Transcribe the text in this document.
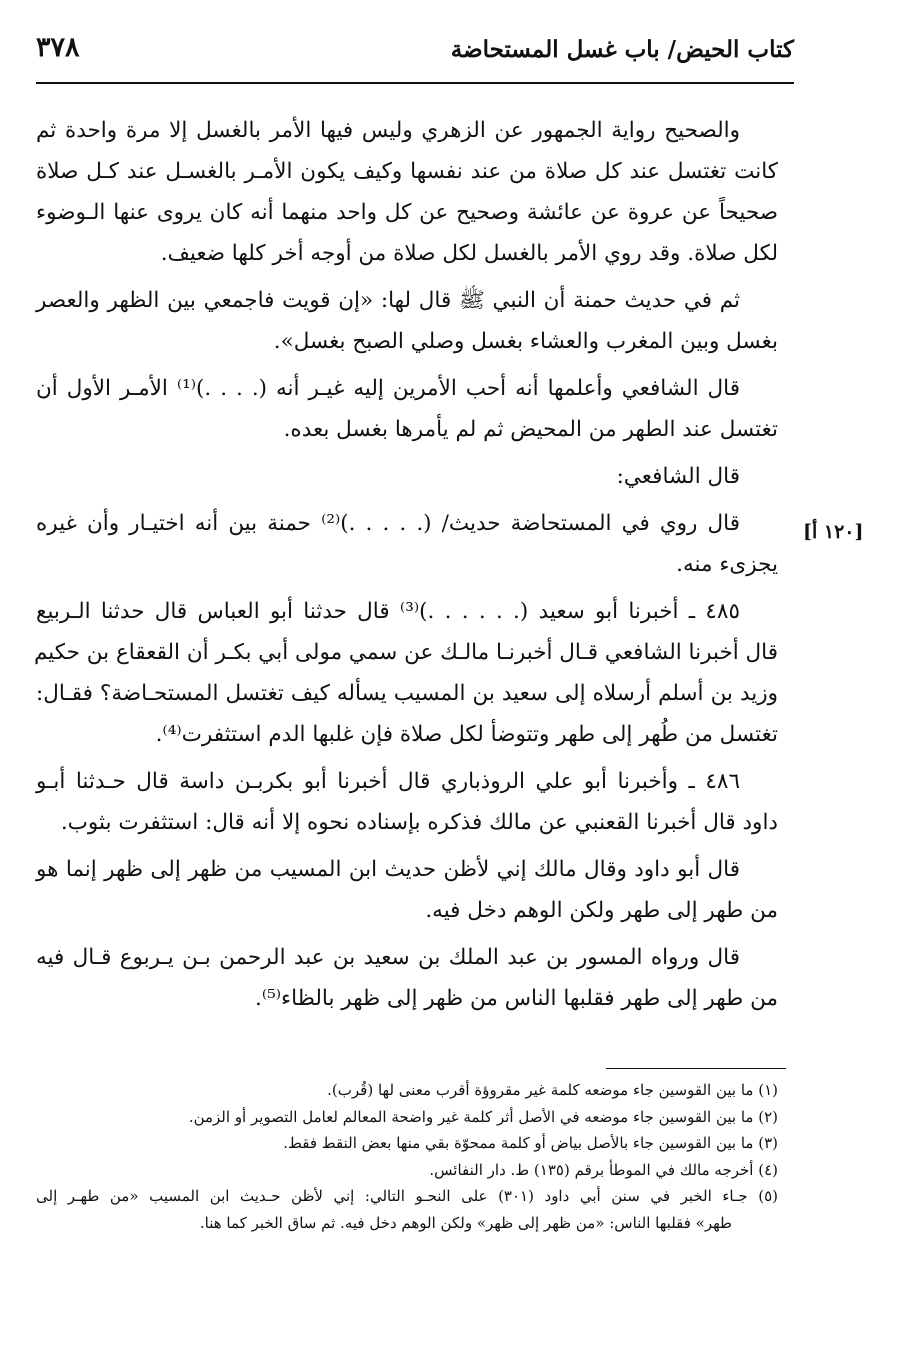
كتاب الحيض/ باب غسل المستحاضة
٣٧٨
[١٢٠ أ]
والصحيح رواية الجمهور عن الزهري وليس فيها الأمر بالغسل إلا مرة واحدة ثم
كانت تغتسل عند كل صلاة من عند نفسها وكيف يكون الأمـر بالغسـل عند كـل صلاة
صحيحاً عن عروة عن عائشة وصحيح عن كل واحد منهما أنه كان يروى عنها الـوضوء
لكل صلاة. وقد روي الأمر بالغسل لكل صلاة من أوجه أخر كلها ضعيف.
ثم في حديث حمنة أن النبي ﷺ قال لها: «إن قويت فاجمعي بين الظهر والعصر
بغسل وبين المغرب والعشاء بغسل وصلي الصبح بغسل».
قال الشافعي وأعلمها أنه أحب الأمرين إليه غيـر أنه (. . . .)⁽¹⁾ الأمـر الأول أن
تغتسل عند الطهر من المحيض ثم لم يأمرها بغسل بعده.
قال الشافعي:
قال روي في المستحاضة حديث/ (. . . . .)⁽²⁾ حمنة بين أنه اختيـار وأن غيره
يجزىء منه.
٤٨٥ ـ أخبرنا أبو سعيد (. . . . . .)⁽³⁾ قال حدثنا أبو العباس قال حدثنا الـربيع
قال أخبرنا الشافعي قـال أخبرنـا مالـك عن سمي مولى أبي بكـر أن القعقاع بن حكيم
وزيد بن أسلم أرسلاه إلى سعيد بن المسيب يسأله كيف تغتسل المستحـاضة؟ فقـال:
تغتسل من طُهر إلى طهر وتتوضأ لكل صلاة فإن غلبها الدم استثفرت⁽⁴⁾.
٤٨٦ ـ وأخبرنا أبو علي الروذباري قال أخبرنا أبو بكربـن داسة قال حـدثنا أبـو
داود قال أخبرنا القعنبي عن مالك فذكره بإسناده نحوه إلا أنه قال: استثفرت بثوب.
قال أبو داود وقال مالك إني لأظن حديث ابن المسيب من ظهر إلى ظهر إنما هو
من طهر إلى طهر ولكن الوهم دخل فيه.
قال ورواه المسور بن عبد الملك بن سعيد بن عبد الرحمن بـن يـربوع قـال فيه
من طهر إلى طهر فقلبها الناس من ظهر إلى ظهر بالظاء⁽⁵⁾.
(١) ما بين القوسين جاء موضعه كلمة غير مقروؤة أقرب معنى لها (قُرب).
(٢) ما بين القوسين جاء موضعه في الأصل أثر كلمة غير واضحة المعالم لعامل التصوير أو الزمن.
(٣) ما بين القوسين جاء بالأصل بياض أو كلمة ممحوّة بقي منها بعض النقط فقط.
(٤) أخرجه مالك في الموطأ برقم (١٣٥) ط. دار النفائس.
(٥) جـاء الخبر في سنن أبي داود (٣٠١) على النحـو التالي: إني لأظن حـديث ابن المسيب «من طهـر إلى
طهر» فقلبها الناس: «من ظهر إلى ظهر» ولكن الوهم دخل فيه. ثم ساق الخبر كما هنا.
